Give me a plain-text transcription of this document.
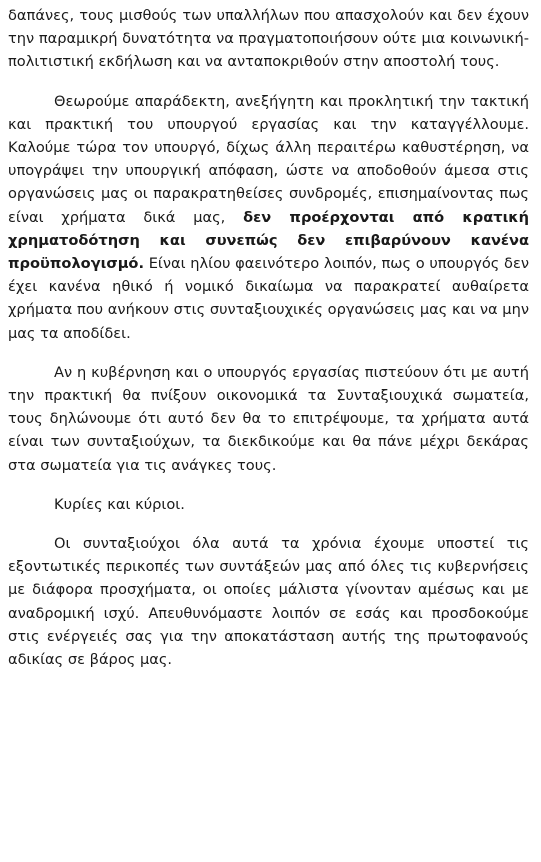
δαπάνες, τους μισθούς των υπαλλήλων που απασχολούν και δεν έχουν την παραμικρή δυνατότητα να πραγματοποιήσουν ούτε μια κοινωνική- πολιτιστική εκδήλωση και να ανταποκριθούν στην αποστολή τους.

Θεωρούμε απαράδεκτη, ανεξήγητη και προκλητική την τακτική και πρακτική του υπουργού εργασίας και την καταγγέλλουμε. Καλούμε τώρα τον υπουργό, δίχως άλλη περαιτέρω καθυστέρηση, να υπογράψει την υπουργική απόφαση, ώστε να αποδοθούν άμεσα στις οργανώσεις μας οι παρακρατηθείσες συνδρομές, επισημαίνοντας πως είναι χρήματα δικά μας, δεν προέρχονται από κρατική χρηματοδότηση και συνεπώς δεν επιβαρύνουν κανένα προϋπολογισμό. Είναι ηλίου φαεινότερο λοιπόν, πως ο υπουργός δεν έχει κανένα ηθικό ή νομικό δικαίωμα να παρακρατεί αυθαίρετα χρήματα που ανήκουν στις συνταξιουχικές οργανώσεις μας και να μην μας τα αποδίδει.

Αν η κυβέρνηση και ο υπουργός εργασίας πιστεύουν ότι με αυτή την πρακτική θα πνίξουν οικονομικά τα Συνταξιουχικά σωματεία, τους δηλώνουμε ότι αυτό δεν θα το επιτρέψουμε, τα χρήματα αυτά είναι των συνταξιούχων, τα διεκδικούμε και θα πάνε μέχρι δεκάρας στα σωματεία για τις ανάγκες τους.

Κυρίες και κύριοι.

Οι συνταξιούχοι όλα αυτά τα χρόνια έχουμε υποστεί τις εξοντωτικές περικοπές των συντάξεών μας από όλες τις κυβερνήσεις με διάφορα προσχήματα, οι οποίες μάλιστα γίνονταν αμέσως και με αναδρομική ισχύ. Απευθυνόμαστε λοιπόν σε εσάς και προσδοκούμε στις ενέργειές σας για την αποκατάσταση αυτής της πρωτοφανούς αδικίας σε βάρος μας.
